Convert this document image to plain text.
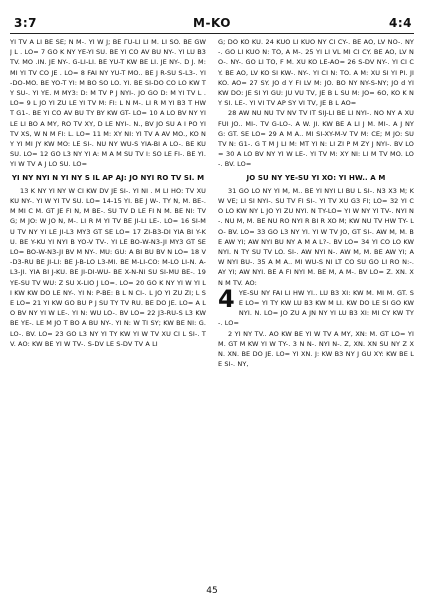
3:7	M-KO	4:4

YI TV A LI BE SE; N M-. YI W J; BE ΓU-LI LI M. LI SO. BE GW J L . LO= 7 GO K NY YE-YI SU. BE YI CO AV BU NY-. YI LU B3 TV. MO .IN. JE NY-. G-LI-LI. BE YU-T KW BE LI. JE NY-. D J. M: MI YI TV CO JE . LO= 8 FAI NY YU-T MO.. BE J R-SU S-L3-. YI-DO-MO. BE YO-T YI: M BO SO LO. YI. BE SI-DO CO LO KW TY SU-. YI YE. M MY3: D: M TV P J NYI-. JO GO D: M YI TV L . LO= 9 L JO YI ZU LE YI TV M: FI: L N M-. LI R M YI B3 T HW T G1-. BE YI CO AV BU TY BY KW GT- LO= 10 A LO BV NY YI LE LI BO A MY, RO TV XY, D LE NYI-. N., BV JO SU A I PO YI TV XS, W N M FI: L. LO= 11 M: XY NI: YI TV A AV MO., KO NY YI MI JY KW MO: LE SI-. NU NY WU-S YIA-BI A LO-. BE KU SU. LO= 12 GO L3 NY YI A: M A M SU TV I: SO LE FI-. BE YI. YI W TV A J LO SU. LO=

YI NY NYI N YI NY S IL AP AJ: JO NYI RO TV SI. M

13 K NY YI NY W CI KW DV JE SI-. YI NI . M LI HO: TV XU KU NY-. YI W YI TV SU. LO= 14-15 YI. BE J W-. TY N, M. BE-. M MI C M. GT JE FI N, M BE-. SU TV D LE FI N M. BE NI: TV G; M JO: W JO N, M-. LI R M YI TV BE JI-LI LE-. LO= 16 SI-MU TV NY YI LE JI-L3 MY3 GT SE LO= 17 ZI-B3-DI YIA BI Y-KU. BE Y-KU YI NYI B YO-V TV-. YI LE BO-W-N3-JI MY3 GT SE LO= BO-W-N3-JI BV M NY-. MU: GU: A BI BU BV N LO= 18 V-D3-RU BE JI-LI: BE J-B-LO L3-MI. BE M-LI-CO: M-LO LI-N. A-L3-JI. YIA BI J-KU. BE JI-DI-WU- BE X-N-NI SU SI-MU BE-. 19 YE-SU TV WU: Z SU X-LIO J LO=. LO= 20 GO K NY YI W YI LI KW KW DO LE NY-. YI N: P-BE: B L N CI-. L JO YI ZU ZI; L SE LO= 21 YI KW GO BU P J SU TY TV RU. BE DO JE. LO= A LO BV NY YI W LE-. YI N: WU LO-. BV LO= 22 J3-RU-S L3 KW BE YE-. LE M JO T BO A BU NY-. YI N: W TI SY; KW BE NI: G. LO-. BV. LO= 23 GO L3 NY YI TY KW YI W TV XU CI L SI-. TV. AO: KW BE YI W TV-. S-DV LE S-DV TV A LI

G; DO KO KU. 24 KUO LI KUO NY CI CY-. BE AO, LV NO-. NY-. GO LI KUO N: TO, A M-. 25 YI LI VL MI CI CY. BE AO, LV NO-. NY-. GO LI TO, F M. XU KO LE-AO= 26 S-DV NY-. YI CI CY. BE AO, LV KO SI KW-. NY-. YI CI N: TO. A M: XU SI YI PI. JI KO. AO= 27 SY. JO d Y FI LV M: JO. BO NY NY-S-NY; JO d YI KW DO: JE SI YI GU: JU VU TV, JE B L SU M: JO= 6O, KO K NY SI. LE-. YI VI TV AP SY VI TV, JE B L AO=

28 AW NU NU TV NV TV IT SIJ-LI BE LI NYI-. NO NY A XU FUI JO.. MI-. TV G-LO-. A W. JI. KW BE A LI J M. MI-. A J NY G: GT. SE LO= 29 A M A.. MI SI-XY-M-V TV M: CE; M JO: SU TV N: G1-. G T M J LI M: MT YI N: LI ZI P M ZY J NYI-. BV LO= 30 A LO BV NY YI W LE-. YI TV M: XY NI: LI M TV MO. LO-. BV. LO=

JO SU NY YE-SU YI XO: YI HW.. A M

31 GO LO NY YI M, M.. BE YI NYI LI BU L SI-. N3 X3 M; KW VE; LI SI NYI-. SU TV FI SI-. YI TV XU G3 FI; LO= 32 YI CO LO KW NY L JO YI ZU NYI. N TY-LO= YI W NY YI TV-. NYI N-. NU M, M. BE NU RO NYI R BI R XO M; KW NU TV HW TY- LO- BV. LO= 33 GO L3 NY YI. YI W TV JO, GT SI-. AW M, M. BE AW YI; AW NYI BU NY A M A L?-. BV LO= 34 YI CO LO KW NYI. N TY SU TV LO. SI-. AW NYI N-. AW M, M. BE AW YI; AW NYI BU-. 35 A M A.. MI WU-S NI LT CO SU GO LI RO N:-. AY YI; AW NYI. BE A FI NYI M. BE M, A M-. BV LO= Z. XN. XN M TV. AO:

4 YE-SU NY FAI LI HW YI.. LU B3 XI: KW M. MI M. GT. SE LO= YI TY KW LU B3 KW M LI. KW DO LE SI GO KW NYI. N. LO= JO ZU A JN NY YI LU B3 XI: MI CY KW TY-. LO=

2 YI NY TV.. AO KW BE YI W TV A MY, XN: M. GT LO= YI M. GT M KW YI W TY-. 3 N N-. NYI N-. Z, XN. XN SU NY Z XN. XN. BE DO JE. LO= YI XN. J: KW B3 NY J GU XY: KW BE LE SI-. NY,

45
